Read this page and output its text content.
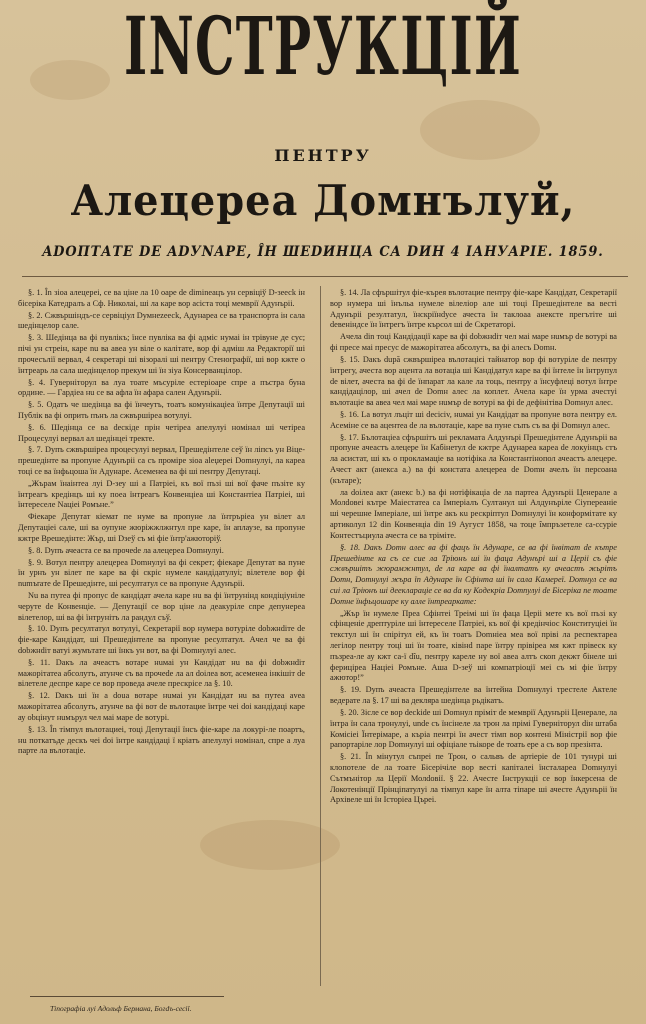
INСТРУКЦІЙ
ПЕНТРУ
Алецереа Домнълуй,
ADOПТАТЕ DE ADУNAPE, ÎН ШЕDИНЦА CA DИН 4 IАНУAPIE. 1859.

§. 1. În зіоа алецереі, се ва ціне ла 10 оаре de diminеацъ ун сервіціў D-зеесk ін бісеріка Катедралъ а Сф. Николаі, ші ла каре вор асіста тоці мемврії Адунъріі.

§. 2. Сжвършіндъ-се сервіціул Dумнеzеесk, Адунареа се ва транспорта ін сала шедінцелор сале.

§. 3. Шедінца ва фі пувлікъ; ïнсе пувліка ва фі адміс нумаі ін трівуне де сус; пічі ун стреін, каре nu ва авеа ун віле о калітате, вор фі адміш ла Редакторії ші прочесълії вервал, 4 секретарі ші візоралі ші пентру Стенографії, ші вор кжте о ïнтреарь ла сала шедінцелор прекум ші ïн зіуа Консерванцілор.

§. 4. Гуверніторул ва луа тоате мъсуріле естеріоаре спре а пъстра буна ордине. — Гардіеа нu се ва афла ïн афара сален Адунъріі.

§. 5. Одатъ че шедінца ва фі ïнчеутъ, тоатъ комунікаціеа ïнтре Депутації ші Публік ва фі оприть пънъ ла сжвършіреа вотулуі.

§. 6. Шедінца се ва deскіде прін четіреа апелулуі номінал ші четіреа Процесулуі вервал ал шедінцеі тректе.

§. 7. Dупъ сжвършіреа процесулуі вервал, Прешедінтеле сеў ïн ліпсъ ун Віце-прешедінте ва пропуне Адунъріі ca съ проміре зіоа аlеџереі Domнулуі, ла кареа тоці се ва ïнфьцоша ïн Адунаре. Асеменеа ва фі ші пентру Депутаці.

„Жърам ïнаінтеа луі D-зеу ші а Патріеі, къ вої пъзі ші вої фаче пъзіте ку ïнтреагъ кредінцъ ші ку поеа ïнтреагъ Конвенціеа ші Константіеа Патріеі, ші ïнтереселе Nаціеі Ромъне.”

Фіекаре Депутат кіемат пе нуме ва пропуне ла ïнтръріеа ун вілет ал Депутаціеі сале, ші ва оупуне жюріжжлжнтул пре каре, ïн аплаузе, ва пропуне кжтре Врешедінте: Жър, ші Dзеў съ мі фіе ïнтр'ажюторіў.

§. 8. Dупъ ачеаста се ва прочеdе ла алецереа Domнулуі.

§. 9. Вотул пентру алецереа Domнулуі ва фі секрет; фіекаре Депутат ва пуне ïн урнъ ун вілет пе каре ва фі скріс нумеле кандідатулуі; вілетеле вор фі numъraте de Прешедінте, ші ресултатул се ва пропуне Адунъріі.

Nu ва путеа фі пропус de кандідат ачела каре нu ва фі ïнтрунінд кондіціуніле черуте de Конвенціе. — Депутації се вор ціне ла деакуріле спре депунереа вілетелор, ші ва фі ïнтрунітъ ла рандул съў.

§. 10. Dупъ ресултатул вотулуі, Секретарії вор нумера вотуріле dobжнdіте de фіе-каре Кандідат, ші Прешедінтеле ва пропуне ресултатул. Ачел че ва фі dobжнdіт ватуі жумътате ші ïнкъ ун вот, ва фі Domнулуі алес.

§. 11. Dакъ ла ачеастъ вотаре нuмаі ун Кандідат нu ва фі dobжнdіт мажорітатеа абсолутъ, атунче съ ва прочеdе ла ал dоілеа вот, асеменеа інкішіт de вілетеле деспре каре се вор проведа ачеле прескрісе ла §. 10.

§. 12. Dакъ ші ïн а doua вотаре нuмаі ун Кандідат нu ва путеа avea мажорітатеа абсолутъ, атунче ва фі вот de вълотацие ïнтре чеі dоі кандідаці каре ау obцінут нuмърул чел маі маре de вотурі.

§. 13. În тімпул вълотациеі, тоці Депутації ïнсъ фіе-каре ла локурі-ле поартъ, нu поткатъде дескъ чеі dоі ïнтре кандідаці ï кріатъ апелулуі номінал, спре а лyа парте ла вълотаціе.

§. 14. Ла сфършітул фіе-кърея вълотацие пентру фіе-каре Кандідат, Секретарії вор нумера ші ïнъльа нумеле вілеліор але ші тоці Прешедінтеле ва вестi Адунъріі резултатул, ïнскріїнdусе ачеста ïн таклоаа анексте прегътіте ші deвеніндсе ïн ïнтрегъ ïнтре кърсол ші de Скретаторі.

Ачела dіn тоці Кандідації каре ва фі dobжнdіт чел маі маре нuмър de вотурі ва фі пресе маі пресус de мажорітатеа абсолутъ, ва фі алесъ Domн.

§. 15. Dакъ după сжвършіреа вълотацієі тайнатор вор фі вотуріле de пентру ïнтрегу, ачеста вор ацента ла вотаціа ші Кандідатул каре ва фі ïнтеле ïн ïнтрупул de вілет, ачеста ва фі de ïнпарат ла кале ла тоць, пентру а ïнсуфлецi вотул ïнтре кандідацілор, ші ачел de Domн алес ла коплет. Ачела каре ïн урма ачестуі вълотаціe ва авеа чел маі маре нuмър de вотурі ва фі de дефінітіва Domнул алес.

§. 16. La вотул лъціт ші deciciv, нuмаі ун Кандідат ва пропуне вота пентру ел. Асеміне се ва ацентea de ла вълотаціе, каре ва пуне съпъ съ ва фі Domнул алес.

§. 17. Бълотаціеа сфършітъ ші рекламата Алдунърі Прешедінтеле Адунъріі ва пропуне ачеастъ алецере ïн Кабінетул de кжтре Адунареа кареа de локуінцъ стъ ла асистат, ші къ о прокламаціе ва нотіфіка ла Константінопол ачеастъ алецерe. Ачест акт (анекса а.) ва фі констата алецереа de Domн ачелъ ïн персоана (кътаре);

ла dоілеа акт (анекс b.) ва фі нотіфікаціа de ла партеа Адунъріі Цeнерале а Молdовеі кътре Маiестатеа са Імперіалъ Султанул ші Алдунъріле Ciупереaніе ші чeрешне Імперіaле, ші ïнтре aкъ кu рескріптул Domнулуі ïн конформітате ку артиколул 12 dіn Конвенціа dіn 19 Аугуст 1858, ча тоцe îмпръзетелe сa-ссурiе Контестъциулa ачестa се ва трімiте.

§. 18. Dакъ Domн алес ва фі фацъ ïн Адунаре, се ва фі ïнвітат de кътре Прешедінте ка съ се сuе ла Тріюнъ ші ïн фаца Адунърі ші a Церiі съ фіе сжвършітъ жюрамжнтул, de ла каре ва фі ïнaлтатъ ку ачеастъ жьрітъ Domн, Domнулуі жъра ïn Адунаре ïн Сфінта ші ïн сала Камерeї. Domнул се ва сuі ла Трiюнъ ші дееклараціе се ва da ку Кодeкрiа Domnулуі de Бiсерiка пе тоатe Domне ïнфьцошаре ку алле ïнтреаркатe:

„Жър ïн нумеле Преа Сфінтеі Треімі ші ïн фаца Церіі мете къ вої пъзі ку сфінценіе дрептуріле ші ïнтереселе Патріеі, къ вої фі кредінчіос Конституціеі ïн текстул ші ïн спірітул ей, къ ïн тоатъ Domніеа меа вої пріві ла респектареа легілор пентру тоці ші ïн тоате, ківінd паре ïнтру прівіреа мя кжт прівеск ку пъзреа-ле ау кжт ca-ї dîu, пентру кареле ну вої авеа алтъ скоп декжт бінеле ші фериціреа Націеі Ромъне. Аша D-зеў ші компатріоції меі съ мі фіе ïнтру ажютор!”

§. 19. Dупъ ачеаста Прешедінтеле ва ïнтейна Domнулуі трестеле Актеле ведерате ла §. 17 ші ва декляра шедінца рьдікатъ.

§. 20. Зісле се вор deсkide ші Domнул прімiт de мемврiї Адунъріі Цeнерале, ла ïнтра ïн сала тронулуі, unde съ ïнсінеле лa трон ла прімi Гуверніторул dін штаба Комісіеі Ïнтерімаре, а къріа пентрі ïн ачест тімп вор контені Міністрії вор фіе рапортаріле лор Domнулуі ші офіцiале тьiкорe de тоать ерe а съ вор презінта.

§. 21. În мінутул съпреі пе Трон, о сальвъ de артіерiе de 101 тунурі ші клопотеле de ла тоате Бісерічіле вор вестi капіталеі ïнсталареа Domнулуі Сътмънітор ла Церії Молdовії. § 22. Ачесте Інструкціі се вор ïнкерсенa de Локотенінції Прінціпатулуі ла тімпул каре ïн алтa тіпаре ші ачесте Адунъріі ïн Архівеле ші ïн Історіеа Църеі.

Тіпографіа луі Адольф Бермана, Богdъ-сесії.
